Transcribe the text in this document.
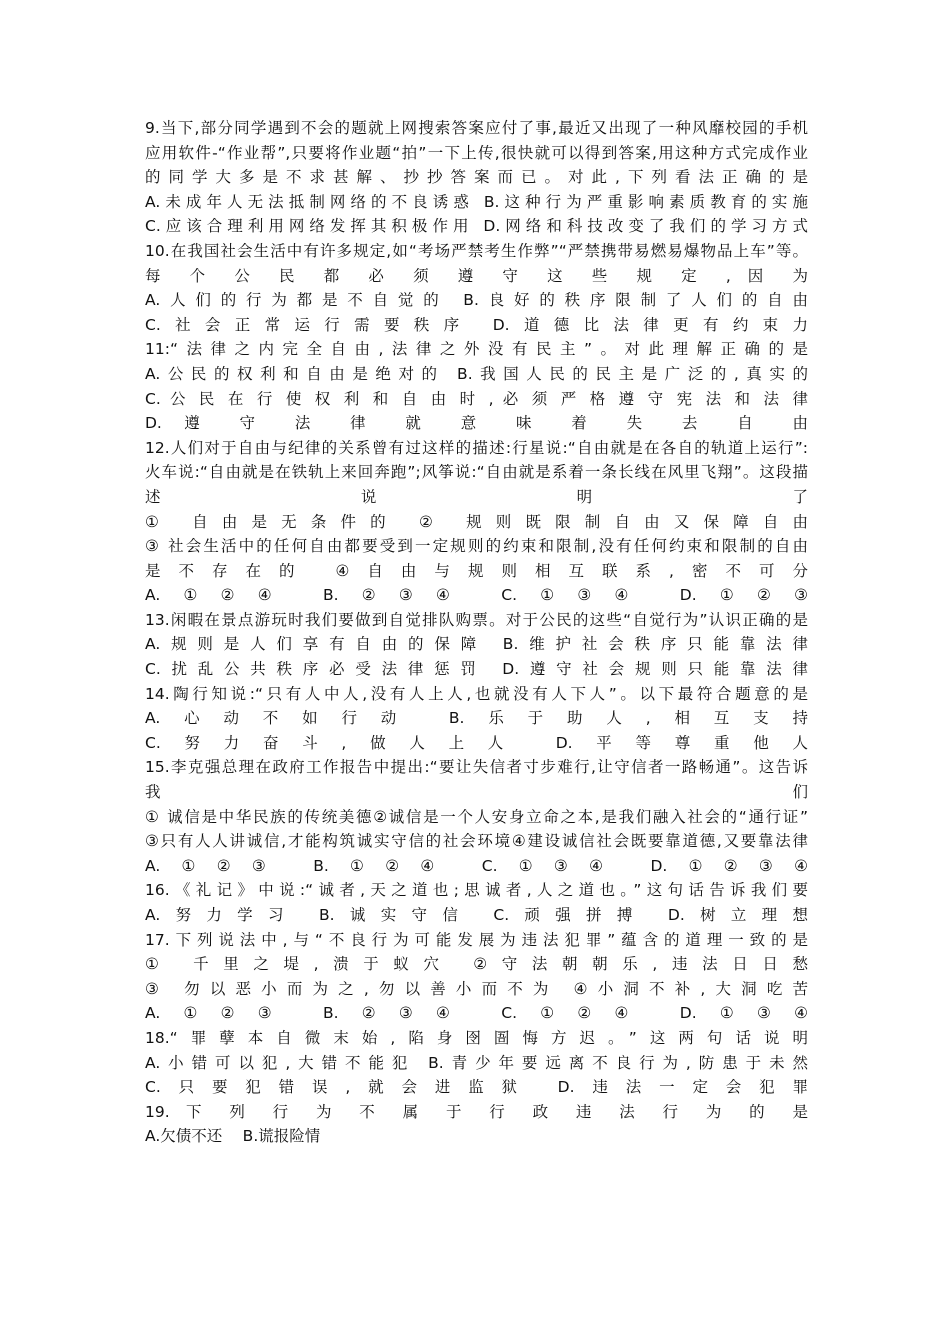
9.当下,部分同学遇到不会的题就上网搜索答案应付了事,最近又出现了一种风靡校园的手机
应用软件-“作业帮”,只要将作业题“拍”一下上传,很快就可以得到答案,用这种方式完成作业
的同学大多是不求甚解、抄抄答案而已。对此,下列看法正确的是
A.未成年人无法抵制网络的不良诱惑 B.这种行为严重影响素质教育的实施
C.应该合理利用网络发挥其积极作用 D.网络和科技改变了我们的学习方式
10.在我国社会生活中有许多规定,如“考场严禁考生作弊”“严禁携带易燃易爆物品上车”等。
每 个 公 民 都 必 须 遵 守 这 些 规 定 , 因 为
A.人们的行为都是不自觉的 B.良好的秩序限制了人们的自由
C.社会正常运行需要秩序 D.道德比法律更有约束力
11:“法律之内完全自由,法律之外没有民主”。对此理解正确的是
A.公民的权利和自由是绝对的 B.我国人民的民主是广泛的,真实的
C. 公 民 在 行 使 权 利 和 自 由 时 , 必 须 严 格 遵 守 宪 法 和 法 律
D. 遵 守 法 律 就 意 味 着 失 去 自 由
12.人们对于自由与纪律的关系曾有过这样的描述:行星说:“自由就是在各自的轨道上运行”:
火车说:“自由就是在铁轨上来回奔跑”;风筝说:“自由就是系着一条长线在风里飞翔”。这段描
述 说 明 了
① 自由是无条件的 ② 规则既限制自由又保障自由
③ 社会生活中的任何自由都要受到一定规则的约束和限制,没有任何约束和限制的自由
是不存在的 ④自由与规则相互联系,密不可分
A.①②④ B.②③④ C.①③④ D.①②③
13.闲暇在景点游玩时我们要做到自觉排队购票。对于公民的这些“自觉行为”认识正确的是
A.规则是人们享有自由的保障 B.维护社会秩序只能靠法律
C.扰乱公共秩序必受法律惩罚 D.遵守社会规则只能靠法律
14.陶行知说:“只有人中人,没有人上人,也就没有人下人”。以下最符合题意的是
A.心动不如行动 B.乐于助人,相互支持
C.努力奋斗,做人上人 D.平等尊重他人
15.李克强总理在政府工作报告中提出:“要让失信者寸步难行,让守信者一路畅通”。这告诉
我 们
① 诚信是中华民族的传统美德②诚信是一个人安身立命之本,是我们融入社会的“通行证”
③只有人人讲诚信,才能构筑诚实守信的社会环境④建设诚信社会既要靠道德,又要靠法律
A.①②③ B.①②④ C.①③④ D.①②③④
16.《礼记》中说:“诚者,天之道也;思诚者,人之道也。”这句话告诉我们要
A.努力学习 B.诚实守信 C.顽强拼搏 D.树立理想
17.下列说法中,与“不良行为可能发展为违法犯罪”蕴含的道理一致的是
① 千里之堤,溃于蚁穴 ②守法朝朝乐,违法日日愁
③ 勿以恶小而为之,勿以善小而不为 ④小洞不补,大洞吃苦
A.①②③ B.②③④ C.①②④ D.①③④
18.“罪孽本自微末始,陷身囹圄悔方迟。”这两句话说明
A.小错可以犯,大错不能犯 B.青少年要远离不良行为,防患于未然
C.只要犯错误,就会进监狱 D.违法一定会犯罪
19. 下 列 行 为 不 属 于 行 政 违 法 行 为 的 是
A.欠债不还　 B.谎报险情
